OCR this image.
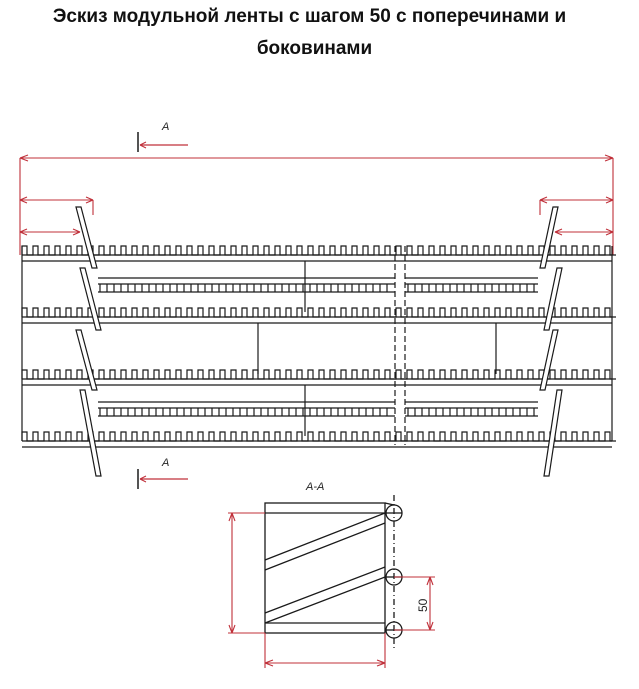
Эскиз модульной ленты с шагом 50 с поперечинами и
боковинами
A
A
A-A
50
